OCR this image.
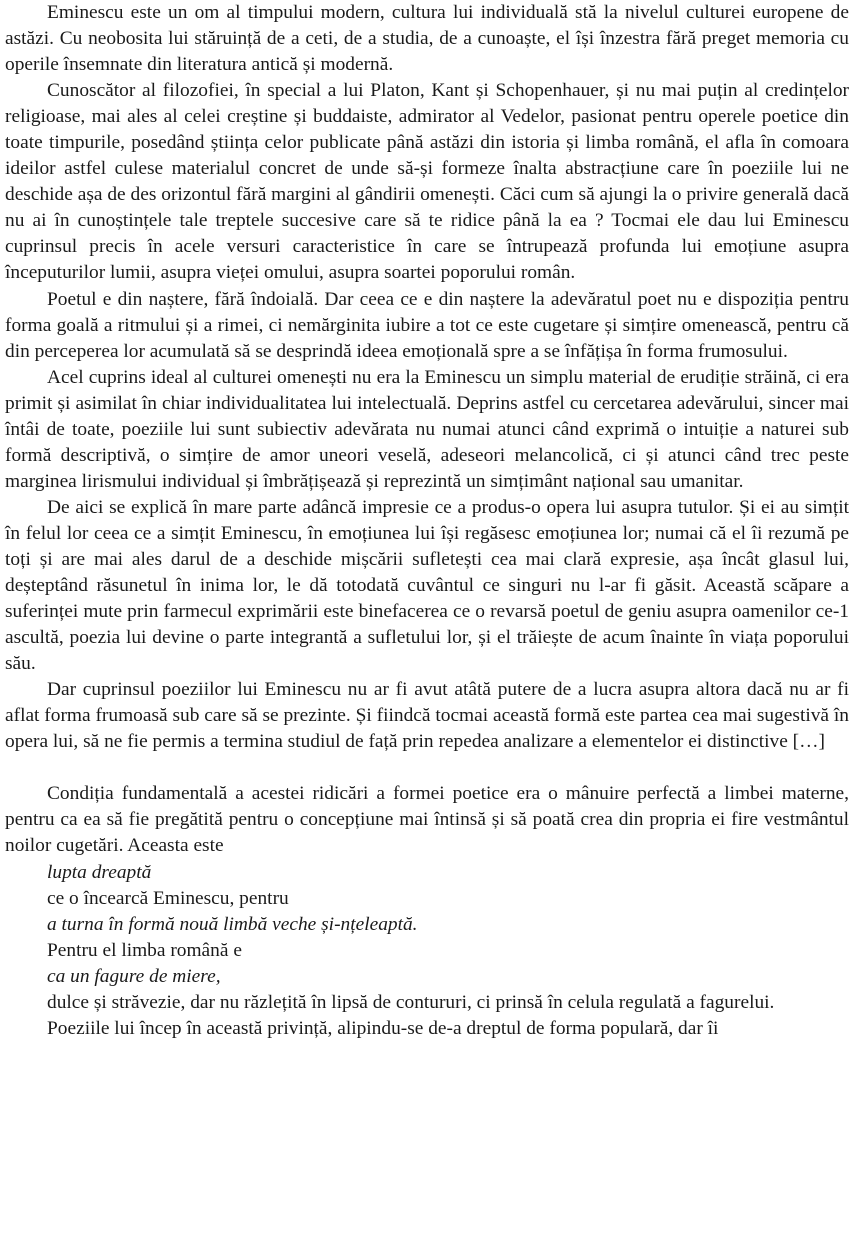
Eminescu este un om al timpului modern, cultura lui individuală stă la nivelul culturei europene de astăzi. Cu neobosita lui stăruință de a ceti, de a studia, de a cunoaște, el își înzestra fără preget memoria cu operile însemnate din literatura antică și modernă.

Cunoscător al filozofiei, în special a lui Platon, Kant și Schopenhauer, și nu mai puțin al credințelor religioase, mai ales al celei creștine și buddaiste, admirator al Vedelor, pasionat pentru operele poetice din toate timpurile, posedând știința celor publicate până astăzi din istoria și limba română, el afla în comoara ideilor astfel culese materialul concret de unde să-și formeze înalta abstracțiune care în poeziile lui ne deschide așa de des orizontul fără margini al gândirii omenești. Căci cum să ajungi la o privire generală dacă nu ai în cunoștințele tale treptele succesive care să te ridice până la ea ? Tocmai ele dau lui Eminescu cuprinsul precis în acele versuri caracteristice în care se întrupează profunda lui emoțiune asupra începuturilor lumii, asupra vieței omului, asupra soartei poporului român.

Poetul e din naștere, fără îndoială. Dar ceea ce e din naștere la adevăratul poet nu e dispoziția pentru forma goală a ritmului și a rimei, ci nemărginita iubire a tot ce este cugetare și simțire omenească, pentru că din perceperea lor acumulată să se desprindă ideea emoțională spre a se înfățișa în forma frumosului.

Acel cuprins ideal al culturei omenești nu era la Eminescu un simplu material de erudiție străină, ci era primit și asimilat în chiar individualitatea lui intelectuală. Deprins astfel cu cercetarea adevărului, sincer mai întâi de toate, poeziile lui sunt subiectiv adevărata nu numai atunci când exprimă o intuiție a naturei sub formă descriptivă, o simțire de amor uneori veselă, adeseori melancolică, ci și atunci când trec peste marginea lirismului individual și îmbrățișează și reprezintă un simțimânt național sau umanitar.

De aici se explică în mare parte adâncă impresie ce a produs-o opera lui asupra tutulor. Și ei au simțit în felul lor ceea ce a simțit Eminescu, în emoțiunea lui își regăsesc emoțiunea lor; numai că el îi rezumă pe toți și are mai ales darul de a deschide mișcării sufletești cea mai clară expresie, așa încât glasul lui, deșteptând răsunetul în inima lor, le dă totodată cuvântul ce singuri nu l-ar fi găsit. Această scăpare a suferinței mute prin farmecul exprimării este binefacerea ce o revarsă poetul de geniu asupra oamenilor ce-1 ascultă, poezia lui devine o parte integrantă a sufletului lor, și el trăiește de acum înainte în viața poporului său.

Dar cuprinsul poeziilor lui Eminescu nu ar fi avut atâtă putere de a lucra asupra altora dacă nu ar fi aflat forma frumoasă sub care să se prezinte. Și fiindcă tocmai această formă este partea cea mai sugestivă în opera lui, să ne fie permis a termina studiul de față prin repedea analizare a elementelor ei distinctive […]

Condiția fundamentală a acestei ridicări a formei poetice era o mânuire perfectă a limbei materne, pentru ca ea să fie pregătită pentru o concepțiune mai întinsă și să poată crea din propria ei fire vestmântul noilor cugetări. Aceasta este

lupta dreaptă
ce o încearcă Eminescu, pentru
a turna în formă nouă limbă veche și-nțeleaptă.
Pentru el limba română e
ca un fagure de miere,

dulce și străvezie, dar nu răzlețită în lipsă de contururi, ci prinsă în celula regulată a fagurelui.

Poeziile lui încep în această privință, alipindu-se de-a dreptul de forma populară, dar îi
